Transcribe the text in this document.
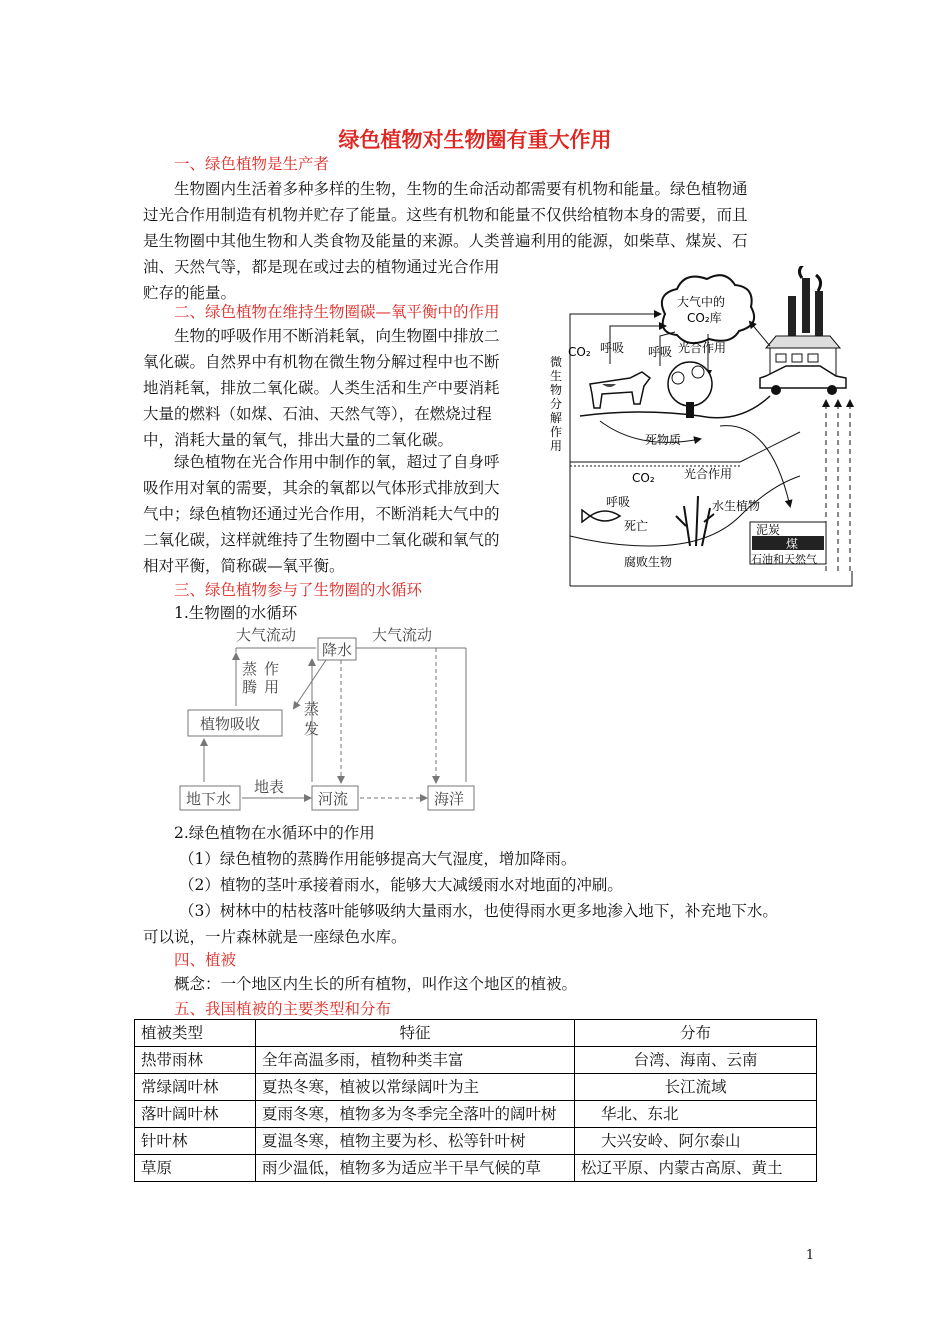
绿色植物对生物圈有重大作用
一、绿色植物是生产者
生物圈内生活着多种多样的生物，生物的生命活动都需要有机物和能量。绿色植物通
过光合作用制造有机物并贮存了能量。这些有机物和能量不仅供给植物本身的需要，而且
是生物圈中其他生物和人类食物及能量的来源。人类普遍利用的能源，如柴草、煤炭、石
油、天然气等，都是现在或过去的植物通过光合作用
贮存的能量。
二、绿色植物在维持生物圈碳—氧平衡中的作用
生物的呼吸作用不断消耗氧，向生物圈中排放二
氧化碳。自然界中有机物在微生物分解过程中也不断
地消耗氧，排放二氧化碳。人类生活和生产中要消耗
大量的燃料（如煤、石油、天然气等），在燃烧过程
中，消耗大量的氧气，排出大量的二氧化碳。
绿色植物在光合作用中制作的氧，超过了自身呼
吸作用对氧的需要，其余的氧都以气体形式排放到大
气中；绿色植物还通过光合作用，不断消耗大气中的
二氧化碳，这样就维持了生物圈中二氧化碳和氧气的
相对平衡，简称碳—氧平衡。
大气中的
CO₂库
CO₂ 呼吸 呼吸 光合作用
微
生
物
分
解
作
用	死物质
CO₂ 光合作用
呼吸	水生植物
死亡
腐败生物
泥炭
煤
石油和天然气
三、绿色植物参与了生物圈的水循环
1.生物圈的水循环
大气流动	大气流动
降水
蒸
腾
作
用
植物吸收
蒸
发
地下水
地表
河流	海洋
2.绿色植物在水循环中的作用
（1）绿色植物的蒸腾作用能够提高大气湿度，增加降雨。
（2）植物的茎叶承接着雨水，能够大大减缓雨水对地面的冲刷。
（3）树林中的枯枝落叶能够吸纳大量雨水，也使得雨水更多地渗入地下，补充地下水。
可以说，一片森林就是一座绿色水库。
四、植被
概念：一个地区内生长的所有植物，叫作这个地区的植被。
五、我国植被的主要类型和分布
植被类型	特征	分布
热带雨林	全年高温多雨，植物种类丰富	台湾、海南、云南
常绿阔叶林	夏热冬寒，植被以常绿阔叶为主	长江流域
落叶阔叶林	夏雨冬寒，植物多为冬季完全落叶的阔叶树	华北、东北
针叶林	夏温冬寒，植物主要为杉、松等针叶树	大兴安岭、阿尔泰山
草原	雨少温低，植物多为适应半干旱气候的草	松辽平原、内蒙古高原、黄土
1
